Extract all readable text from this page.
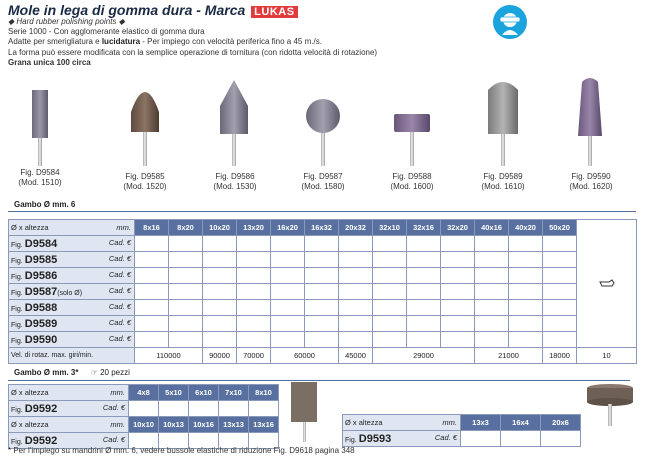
Mole in lega di gomma dura - Marca LUKAS
◆ Hard rubber polishing points ◆
Serie 1000 - Con agglomerante elastico di gomma dura
Adatte per smerigliatura e lucidatura - Per impiego con velocità periferica fino a 45 m./s.
La forma può essere modificata con la semplice operazione di tornitura (con ridotta velocità di rotazione)
Grana unica 100 circa
Fig. D9584
(Mod. 1510)
Fig. D9585
(Mod. 1520)
Fig. D9586
(Mod. 1530)
Fig. D9587
(Mod. 1580)
Fig. D9588
(Mod. 1600)
Fig. D9589
(Mod. 1610)
Fig. D9590
(Mod. 1620)
Gambo Ø mm. 6
Ø x altezza mm.	8x16	8x20	10x20	13x20	16x20	16x32	20x32	32x10	32x16	32x20	40x16	40x20	50x20	
Fig. D9584 Cad. €														

Fig. D9585 Cad. €														

Fig. D9586 Cad. €														

Fig. D9587(solo Ø) Cad. €														

Fig. D9588 Cad. €														

Fig. D9589 Cad. €														

Fig. D9590 Cad. €														

Vel. di rotaz. max. giri/min.	110000		90000	70000	60000		45000	29000			21000		18000	10
Gambo Ø mm. 3* ☞ 20 pezzi
Ø x altezza mm.	4x8	5x10	6x10	7x10	8x10
Fig. D9592 Cad. €					

Ø x altezza mm.	10x10	10x13	10x16	13x13	13x16
Fig. D9592 Cad. €					

Ø x altezza mm.	13x3	16x4	20x6
Fig. D9593 Cad. €			

* Per l'impiego su mandrini Ø mm. 6, vedere bussole elastiche di riduzione Fig. D9618 pagina 348
